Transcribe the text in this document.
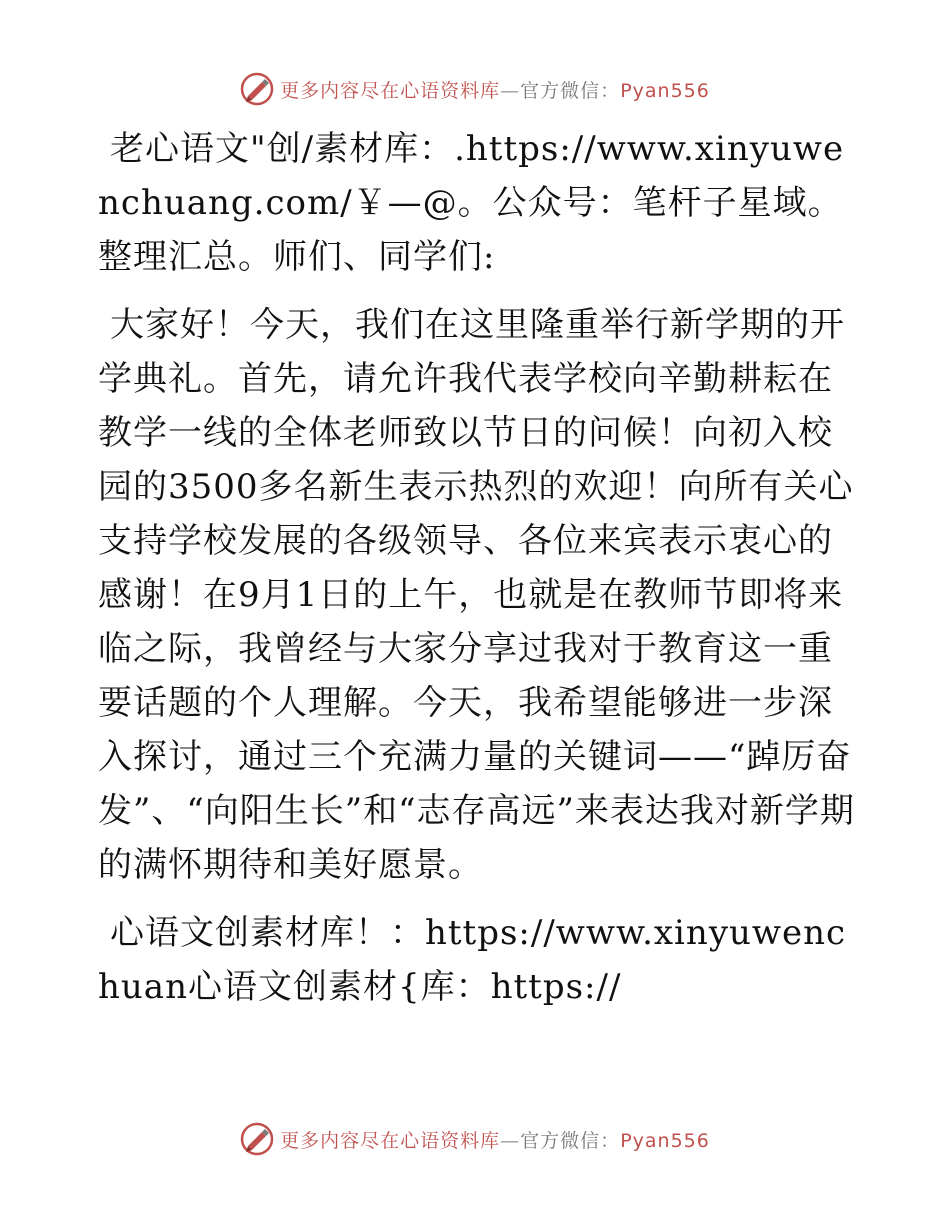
更多内容尽在心语资料库—官方微信：Pyan556

老心语文"创/素材库：.https://www.xinyuwenchuang.com/￥—@。公众号：笔杆子星域。整理汇总。师们、同学们:

大家好！今天，我们在这里隆重举行新学期的开学典礼。首先，请允许我代表学校向辛勤耕耘在教学一线的全体老师致以节日的问候！向初入校园的3500多名新生表示热烈的欢迎！向所有关心支持学校发展的各级领导、各位来宾表示衷心的感谢！在9月1日的上午，也就是在教师节即将来临之际，我曾经与大家分享过我对于教育这一重要话题的个人理解。今天，我希望能够进一步深入探讨，通过三个充满力量的关键词——“踔厉奋发”、“向阳生长”和“志存高远”来表达我对新学期的满怀期待和美好愿景。

心语文创素材库！：https://www.xinyuwenchuan心语文创素材{库：https://

更多内容尽在心语资料库—官方微信：Pyan556
